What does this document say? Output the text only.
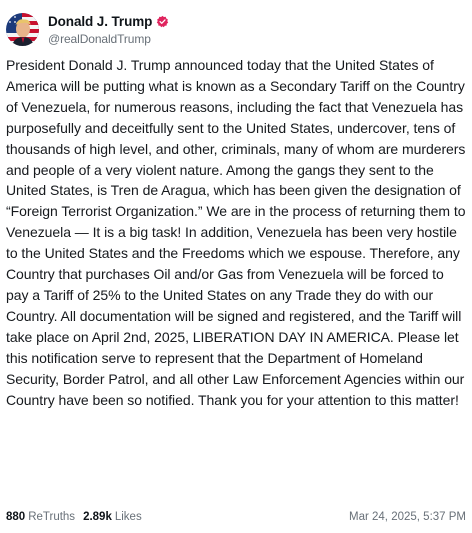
Donald J. Trump
@realDonaldTrump

President Donald J. Trump announced today that the United States of America will be putting what is known as a Secondary Tariff on the Country of Venezuela, for numerous reasons, including the fact that Venezuela has purposefully and deceitfully sent to the United States, undercover, tens of thousands of high level, and other, criminals, many of whom are murderers and people of a very violent nature. Among the gangs they sent to the United States, is Tren de Aragua, which has been given the designation of “Foreign Terrorist Organization.” We are in the process of returning them to Venezuela — It is a big task! In addition, Venezuela has been very hostile to the United States and the Freedoms which we espouse. Therefore, any Country that purchases Oil and/or Gas from Venezuela will be forced to pay a Tariff of 25% to the United States on any Trade they do with our Country. All documentation will be signed and registered, and the Tariff will take place on April 2nd, 2025, LIBERATION DAY IN AMERICA. Please let this notification serve to represent that the Department of Homeland Security, Border Patrol, and all other Law Enforcement Agencies within our Country have been so notified. Thank you for your attention to this matter!

880 ReTruths 2.89k Likes	Mar 24, 2025, 5:37 PM
